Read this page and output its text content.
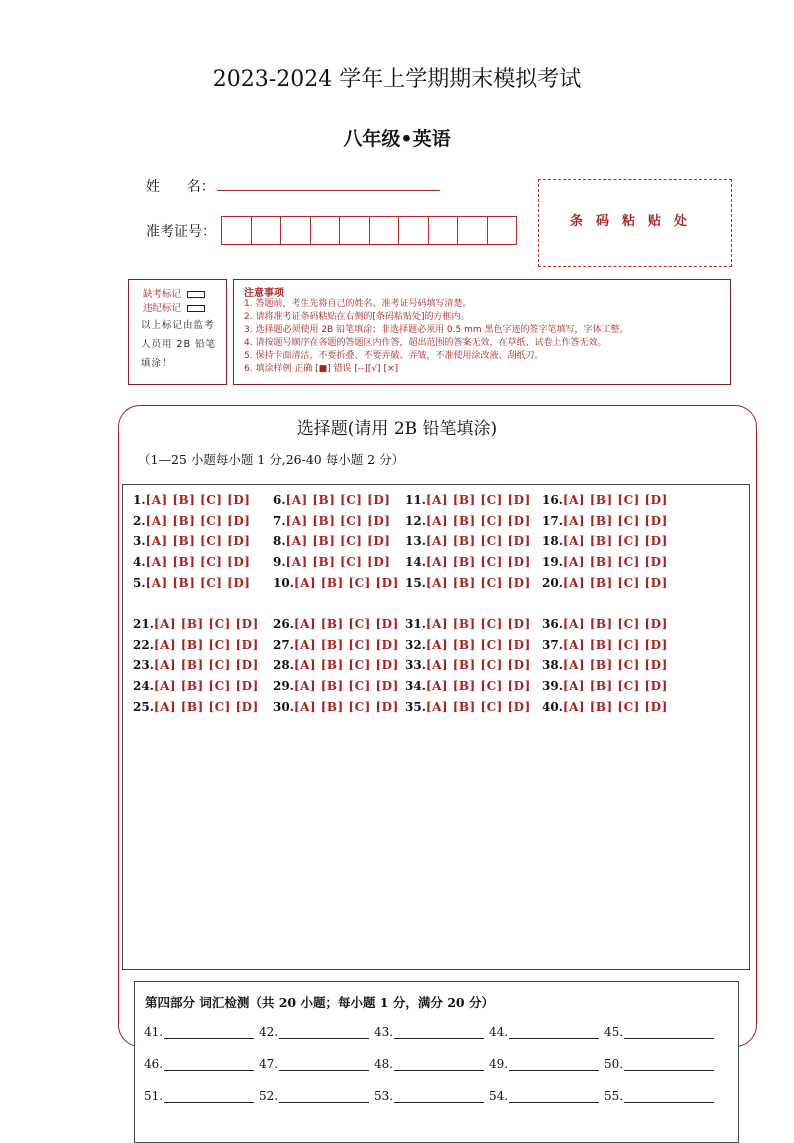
2023-2024 学年上学期期末模拟考试
八年级•英语
姓      名：
准考证号：
条码粘贴处
缺考标记
违纪标记
以上标记由监考人员用 2B 铅笔填涂！
注意事项
1. 答题前，考生先将自己的姓名、准考证号码填写清楚。
2. 请将准考证条码粘贴在右侧的[条码粘贴处]的方框内。
3. 选择题必须使用 2B 铅笔填涂；非选择题必须用 0.5 mm 黑色字迹的签字笔填写，字体工整。
4. 请按题号顺序在各题的答题区内作答，超出范围的答案无效，在草纸、试卷上作答无效。
5. 保持卡面清洁，不要折叠、不要弄破、弄皱，不准使用涂改液、刮纸刀。
6. 填涂样例 正确 [■] 错误 [--][√] [×]
选择题(请用 2B 铅笔填涂)
（1—25 小题每小题 1 分,26-40 每小题 2 分）
1.[A] [B] [C] [D]
2.[A] [B] [C] [D]
3.[A] [B] [C] [D]
4.[A] [B] [C] [D]
5.[A] [B] [C] [D]
6.[A] [B] [C] [D]
7.[A] [B] [C] [D]
8.[A] [B] [C] [D]
9.[A] [B] [C] [D]
10.[A] [B] [C] [D]
11.[A] [B] [C] [D]
12.[A] [B] [C] [D]
13.[A] [B] [C] [D]
14.[A] [B] [C] [D]
15.[A] [B] [C] [D]
16.[A] [B] [C] [D]
17.[A] [B] [C] [D]
18.[A] [B] [C] [D]
19.[A] [B] [C] [D]
20.[A] [B] [C] [D]
21.[A] [B] [C] [D]
22.[A] [B] [C] [D]
23.[A] [B] [C] [D]
24.[A] [B] [C] [D]
25.[A] [B] [C] [D]
26.[A] [B] [C] [D]
27.[A] [B] [C] [D]
28.[A] [B] [C] [D]
29.[A] [B] [C] [D]
30.[A] [B] [C] [D]
31.[A] [B] [C] [D]
32.[A] [B] [C] [D]
33.[A] [B] [C] [D]
34.[A] [B] [C] [D]
35.[A] [B] [C] [D]
36.[A] [B] [C] [D]
37.[A] [B] [C] [D]
38.[A] [B] [C] [D]
39.[A] [B] [C] [D]
40.[A] [B] [C] [D]
第四部分 词汇检测（共 20 小题；每小题 1 分，满分 20 分）
41.	42.	43.	44.	45.
46.	47.	48.	49.	50.
51.	52.	53.	54.	55.
